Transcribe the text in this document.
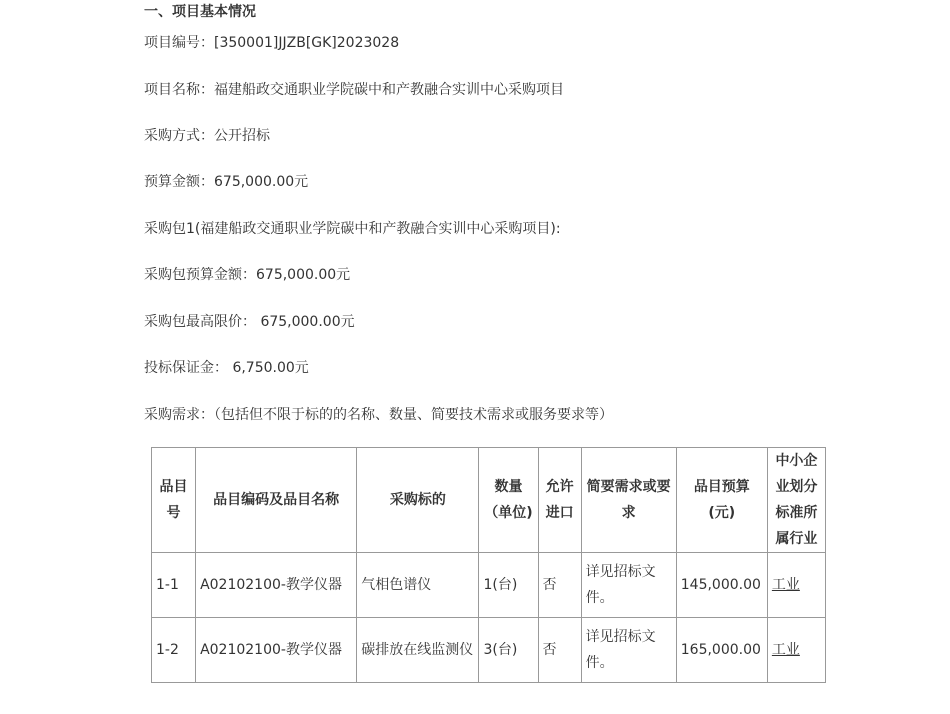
一、项目基本情况
项目编号：[350001]JJZB[GK]2023028
项目名称：福建船政交通职业学院碳中和产教融合实训中心采购项目
采购方式：公开招标
预算金额：675,000.00元
采购包1(福建船政交通职业学院碳中和产教融合实训中心采购项目):
采购包预算金额：675,000.00元
采购包最高限价： 675,000.00元
投标保证金： 6,750.00元
采购需求：（包括但不限于标的的名称、数量、简要技术需求或服务要求等）
品目号	品目编码及品目名称	采购标的	数量（单位)	允许进口	简要需求或要求	品目预算(元)	中小企业划分标准所属行业
1-1	A02102100-教学仪器	气相色谱仪	1(台)	否	详见招标文件。	145,000.00	工业
1-2	A02102100-教学仪器	碳排放在线监测仪	3(台)	否	详见招标文件。	165,000.00	工业
